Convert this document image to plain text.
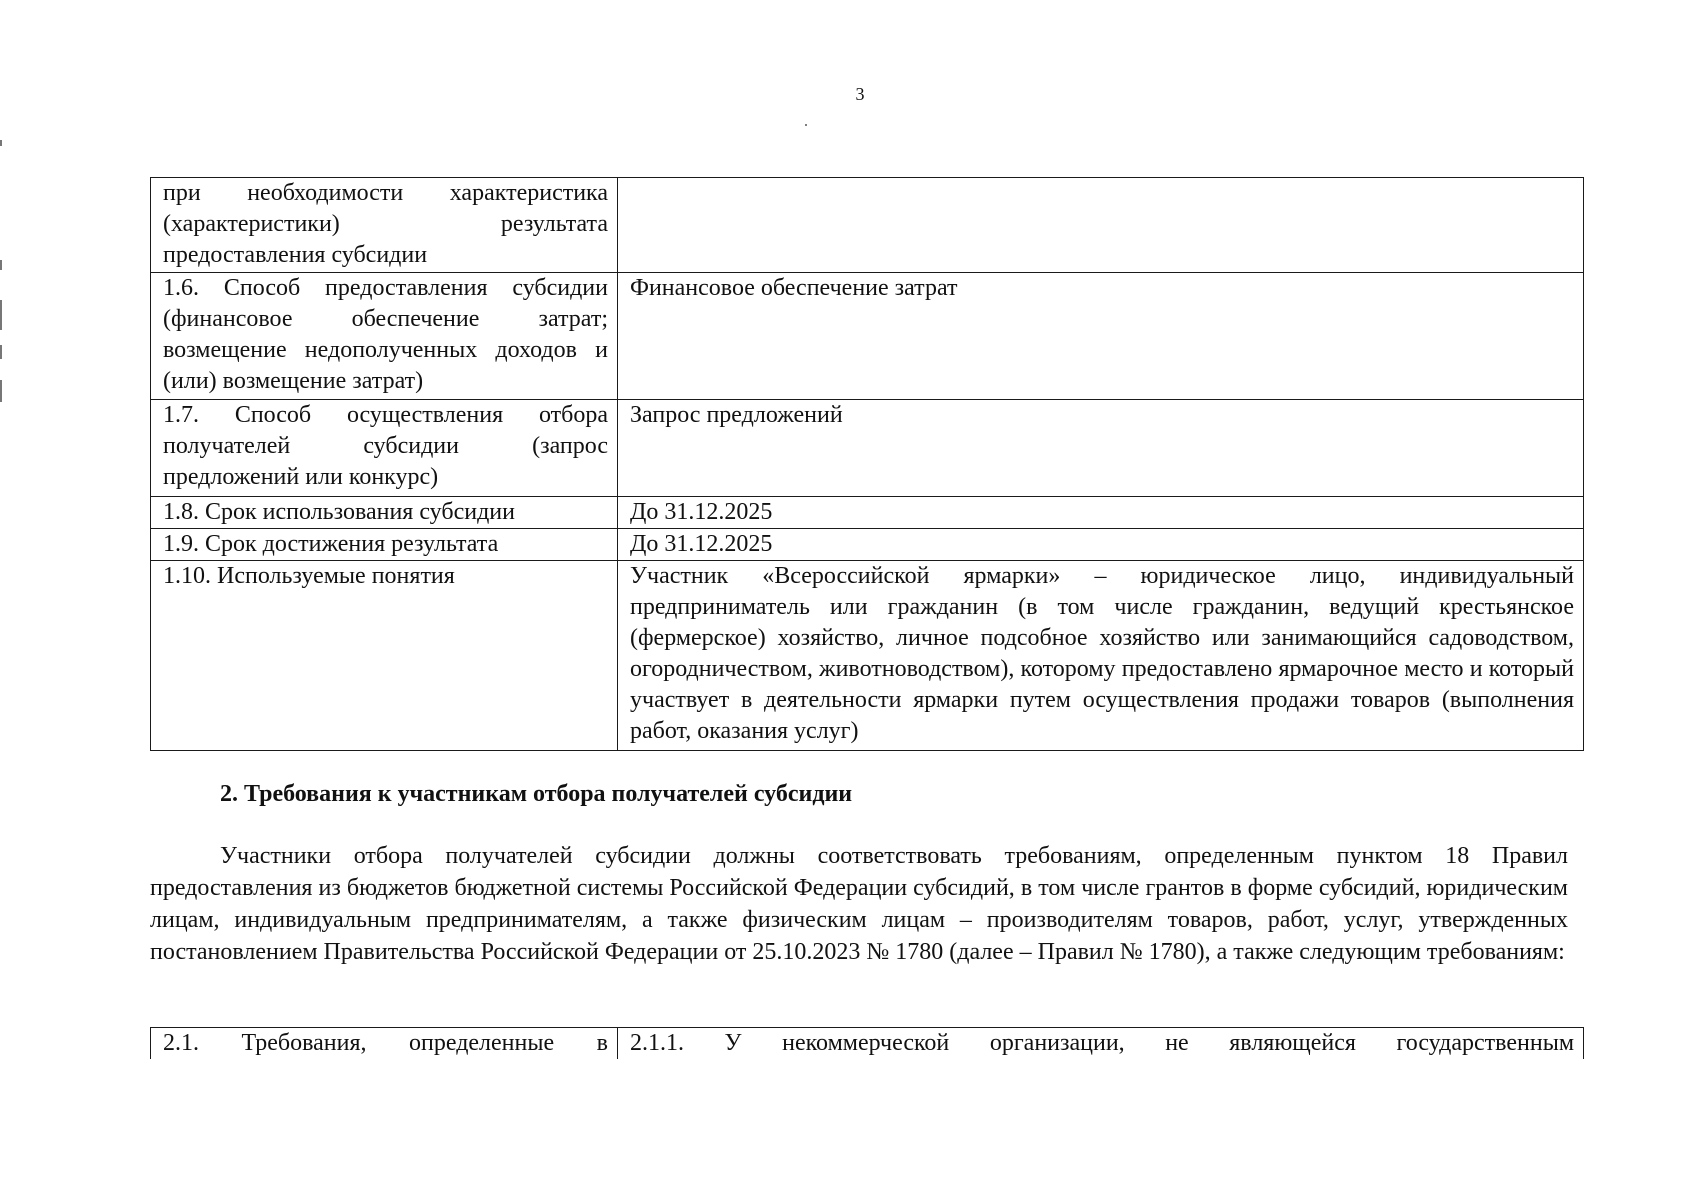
3
при необходимости характеристика (характеристики) результата предоставления субсидии	
1.6. Способ предоставления субсидии (финансовое обеспечение затрат; возмещение недополученных доходов и (или) возмещение затрат)	Финансовое обеспечение затрат
1.7. Способ осуществления отбора получателей субсидии (запрос предложений или конкурс)	Запрос предложений
1.8. Срок использования субсидии	До 31.12.2025
1.9. Срок достижения результата	До 31.12.2025
1.10. Используемые понятия	Участник «Всероссийской ярмарки» – юридическое лицо, индивидуальный предприниматель или гражданин (в том числе гражданин, ведущий крестьянское (фермерское) хозяйство, личное подсобное хозяйство или занимающийся садоводством, огородничеством, животноводством), которому предоставлено ярмарочное место и который участвует в деятельности ярмарки путем осуществления продажи товаров (выполнения работ, оказания услуг)
2. Требования к участникам отбора получателей субсидии

Участники отбора получателей субсидии должны соответствовать требованиям, определенным пунктом 18 Правил предоставления из бюджетов бюджетной системы Российской Федерации субсидий, в том числе грантов в форме субсидий, юридическим лицам, индивидуальным предпринимателям, а также физическим лицам – производителям товаров, работ, услуг, утвержденных постановлением Правительства Российской Федерации от 25.10.2023 № 1780 (далее – Правил № 1780), а также следующим требованиям:

2.1. Требования, определенные в	2.1.1. У некоммерческой организации, не являющейся государственным
